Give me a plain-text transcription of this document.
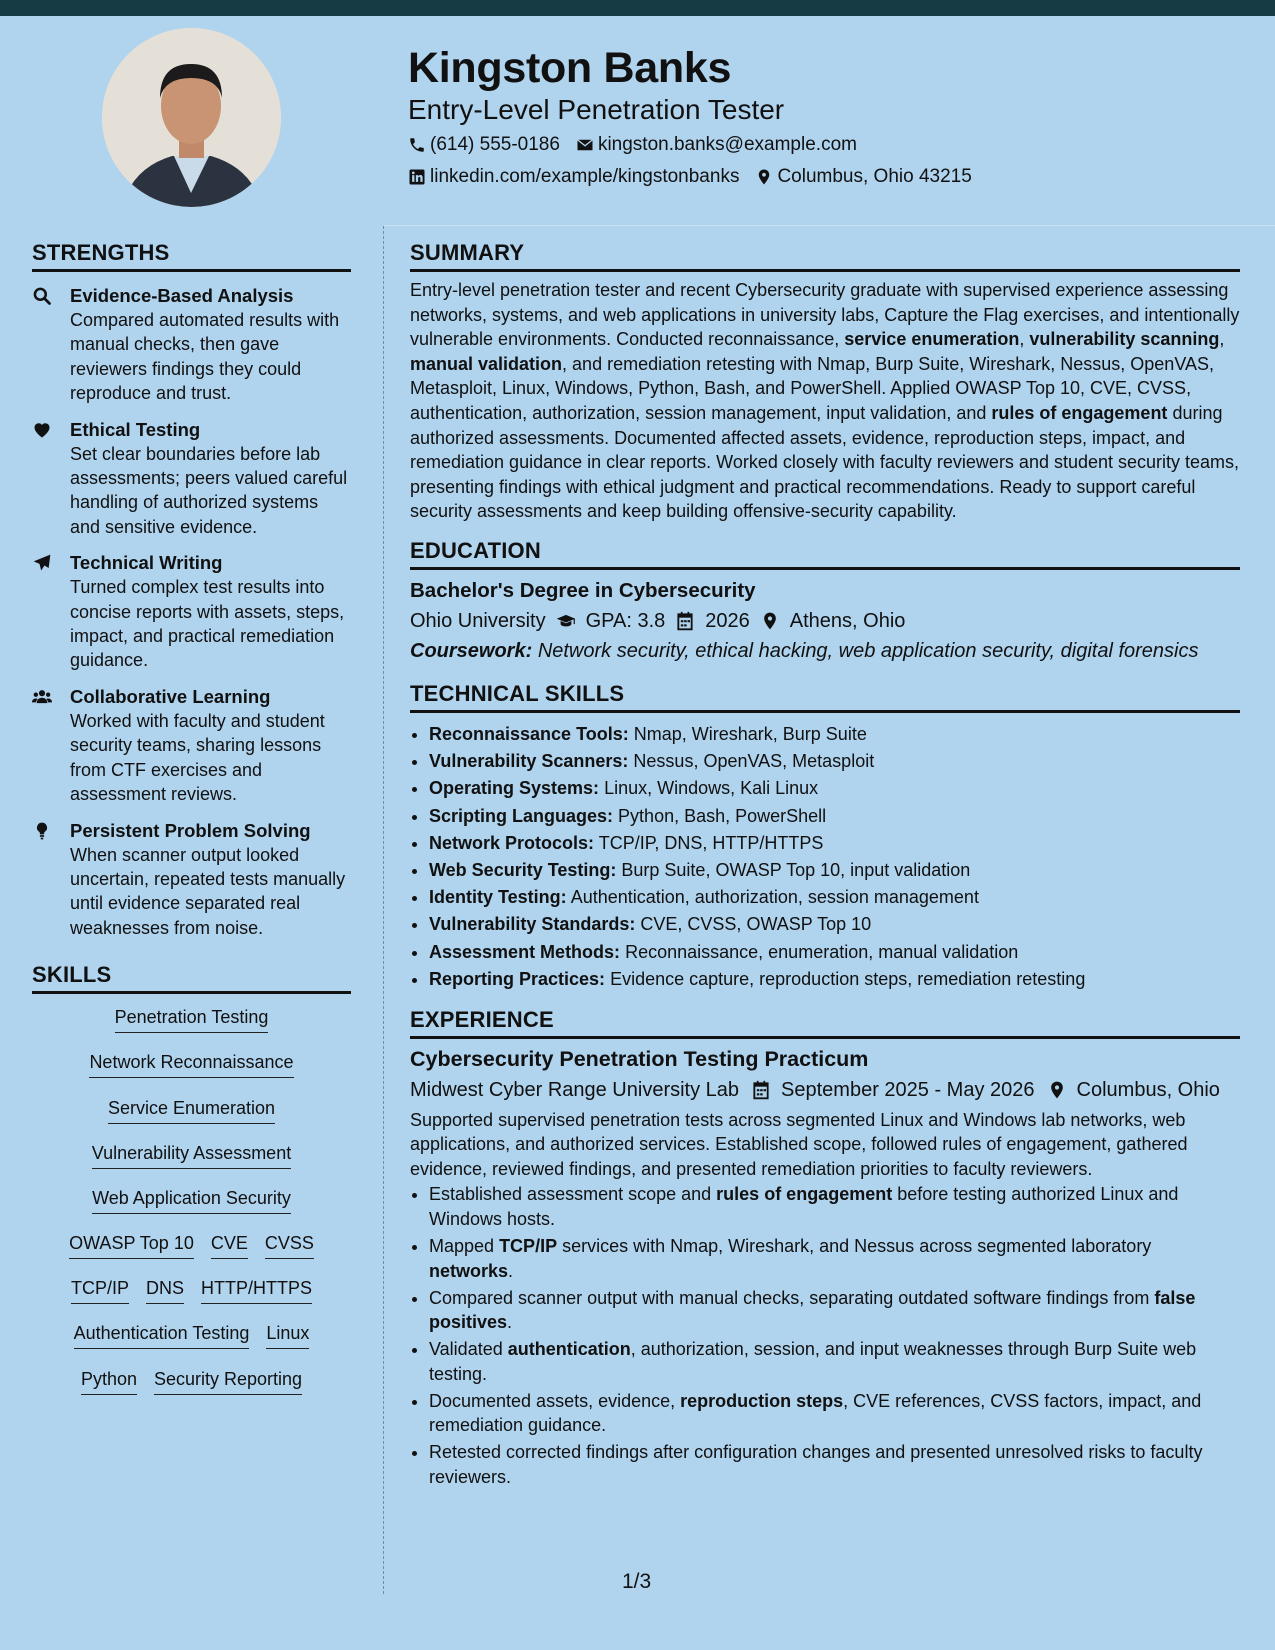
Kingston Banks
Entry-Level Penetration Tester
(614) 555-0186 kingston.banks@example.com
linkedin.com/example/kingstonbanks Columbus, Ohio 43215
STRENGTHS
Evidence-Based Analysis
Compared automated results with manual checks, then gave reviewers findings they could reproduce and trust.
Ethical Testing
Set clear boundaries before lab assessments; peers valued careful handling of authorized systems and sensitive evidence.
Technical Writing
Turned complex test results into concise reports with assets, steps, impact, and practical remediation guidance.
Collaborative Learning
Worked with faculty and student security teams, sharing lessons from CTF exercises and assessment reviews.
Persistent Problem Solving
When scanner output looked uncertain, repeated tests manually until evidence separated real weaknesses from noise.
SKILLS
Penetration Testing
Network Reconnaissance
Service Enumeration
Vulnerability Assessment
Web Application Security
OWASP Top 10 CVE CVSS
TCP/IP DNS HTTP/HTTPS
Authentication Testing Linux
Python Security Reporting
SUMMARY

Entry-level penetration tester and recent Cybersecurity graduate with supervised experience assessing networks, systems, and web applications in university labs, Capture the Flag exercises, and intentionally vulnerable environments. Conducted reconnaissance, service enumeration, vulnerability scanning, manual validation, and remediation retesting with Nmap, Burp Suite, Wireshark, Nessus, OpenVAS, Metasploit, Linux, Windows, Python, Bash, and PowerShell. Applied OWASP Top 10, CVE, CVSS, authentication, authorization, session management, input validation, and rules of engagement during authorized assessments. Documented affected assets, evidence, reproduction steps, impact, and remediation guidance in clear reports. Worked closely with faculty reviewers and student security teams, presenting findings with ethical judgment and practical recommendations. Ready to support careful security assessments and keep building offensive-security capability.

EDUCATION
Bachelor's Degree in Cybersecurity
Ohio University GPA: 3.8 2026 Athens, Ohio
Coursework: Network security, ethical hacking, web application security, digital forensics
TECHNICAL SKILLS
• Reconnaissance Tools: Nmap, Wireshark, Burp Suite
• Vulnerability Scanners: Nessus, OpenVAS, Metasploit
• Operating Systems: Linux, Windows, Kali Linux
• Scripting Languages: Python, Bash, PowerShell
• Network Protocols: TCP/IP, DNS, HTTP/HTTPS
• Web Security Testing: Burp Suite, OWASP Top 10, input validation
• Identity Testing: Authentication, authorization, session management
• Vulnerability Standards: CVE, CVSS, OWASP Top 10
• Assessment Methods: Reconnaissance, enumeration, manual validation
• Reporting Practices: Evidence capture, reproduction steps, remediation retesting
EXPERIENCE
Cybersecurity Penetration Testing Practicum
Midwest Cyber Range University Lab September 2025 - May 2026 Columbus, Ohio

Supported supervised penetration tests across segmented Linux and Windows lab networks, web applications, and authorized services. Established scope, followed rules of engagement, gathered evidence, reviewed findings, and presented remediation priorities to faculty reviewers.

• Established assessment scope and rules of engagement before testing authorized Linux and Windows hosts.
• Mapped TCP/IP services with Nmap, Wireshark, and Nessus across segmented laboratory networks.
• Compared scanner output with manual checks, separating outdated software findings from false positives.
• Validated authentication, authorization, session, and input weaknesses through Burp Suite web testing.
• Documented assets, evidence, reproduction steps, CVE references, CVSS factors, impact, and remediation guidance.
• Retested corrected findings after configuration changes and presented unresolved risks to faculty reviewers.
1/3
